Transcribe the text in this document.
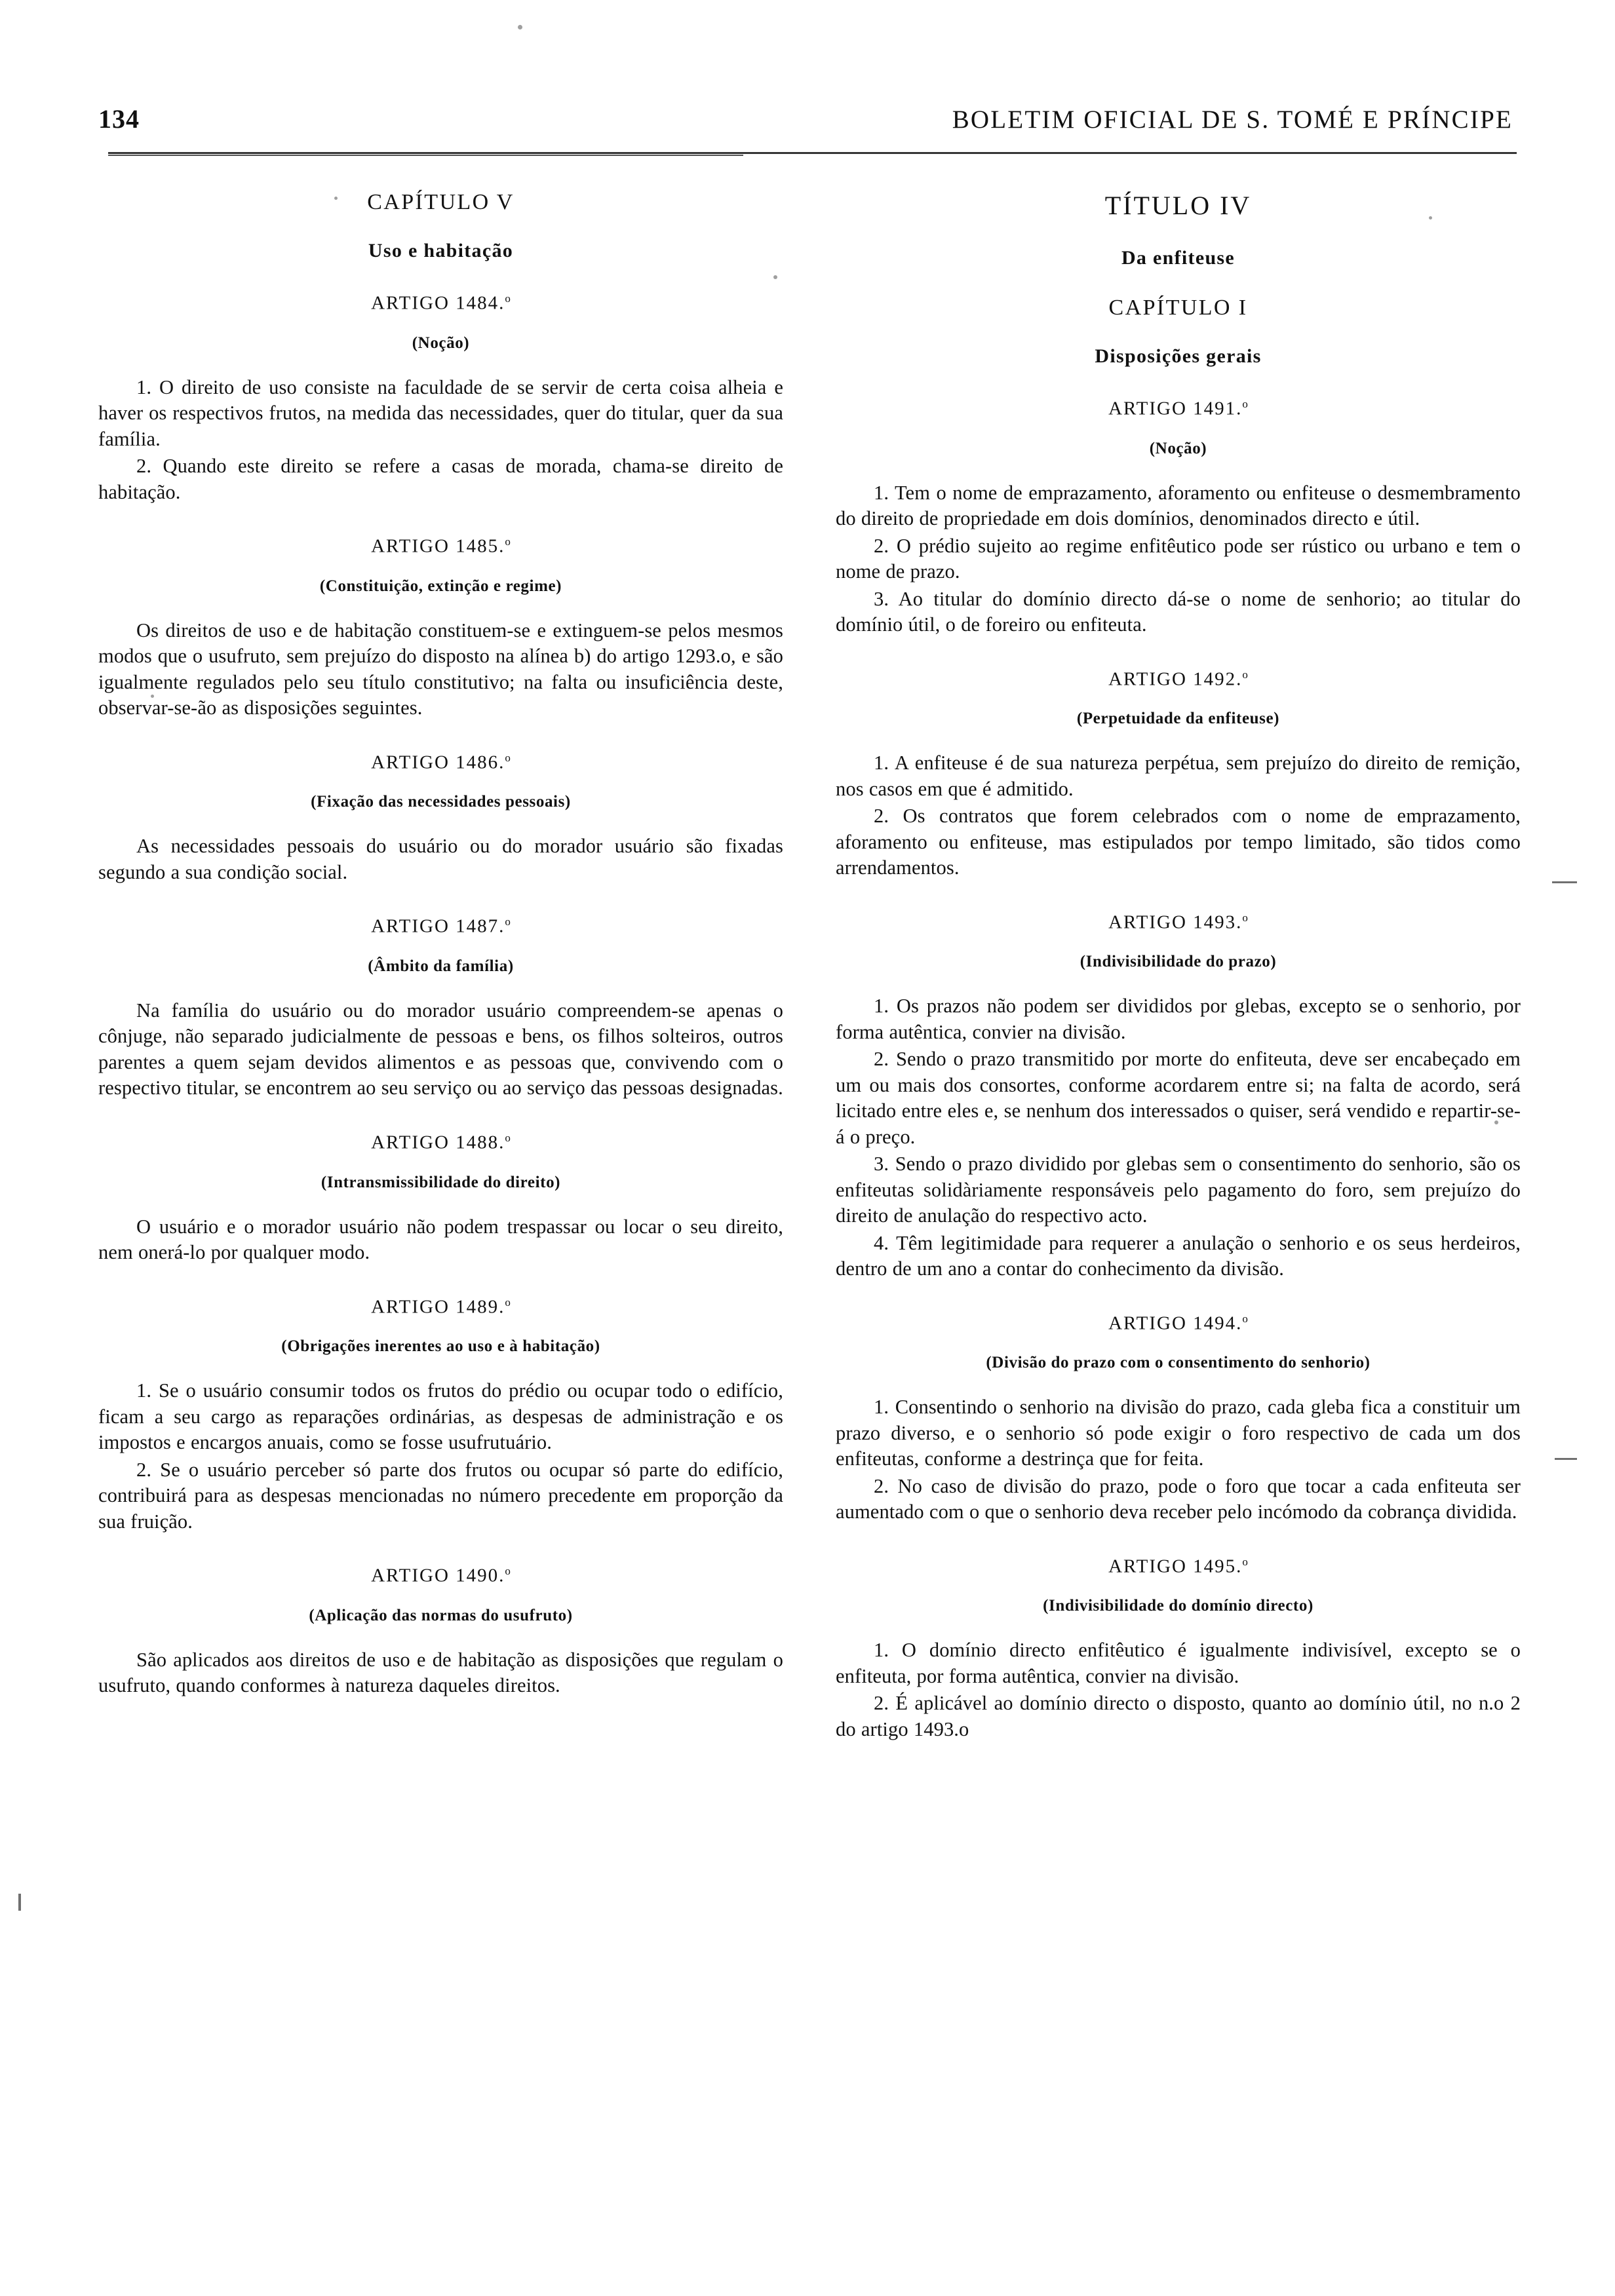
134	BOLETIM OFICIAL DE S. TOMÉ E PRÍNCIPE
CAPÍTULO V
Uso e habitação
ARTIGO 1484.$^o$
(Noção)

1. O direito de uso consiste na faculdade de se servir de certa coisa alheia e haver os respectivos frutos, na medida das necessidades, quer do titular, quer da sua família.

2. Quando este direito se refere a casas de morada, chama-se direito de habitação.

ARTIGO 1485.$^o$
(Constituição, extinção e regime)

Os direitos de uso e de habitação constituem-se e extinguem-se pelos mesmos modos que o usufruto, sem prejuízo do disposto na alínea b) do artigo 1293.o, e são igualmente regulados pelo seu título constitutivo; na falta ou insuficiência deste, observar-se-ão as disposições seguintes.

ARTIGO 1486.$^o$
(Fixação das necessidades pessoais)

As necessidades pessoais do usuário ou do morador usuário são fixadas segundo a sua condição social.

ARTIGO 1487.$^o$
(Âmbito da família)

Na família do usuário ou do morador usuário compreendem-se apenas o cônjuge, não separado judicialmente de pessoas e bens, os filhos solteiros, outros parentes a quem sejam devidos alimentos e as pessoas que, convivendo com o respectivo titular, se encontrem ao seu serviço ou ao serviço das pessoas designadas.

ARTIGO 1488.$^o$
(Intransmissibilidade do direito)

O usuário e o morador usuário não podem trespassar ou locar o seu direito, nem onerá-lo por qualquer modo.

ARTIGO 1489.$^o$
(Obrigações inerentes ao uso e à habitação)

1. Se o usuário consumir todos os frutos do prédio ou ocupar todo o edifício, ficam a seu cargo as reparações ordinárias, as despesas de administração e os impostos e encargos anuais, como se fosse usufrutuário.

2. Se o usuário perceber só parte dos frutos ou ocupar só parte do edifício, contribuirá para as despesas mencionadas no número precedente em proporção da sua fruição.

ARTIGO 1490.$^o$
(Aplicação das normas do usufruto)

São aplicados aos direitos de uso e de habitação as disposições que regulam o usufruto, quando conformes à natureza daqueles direitos.

TÍTULO IV
Da enfiteuse
CAPÍTULO I
Disposições gerais
ARTIGO 1491.$^o$
(Noção)

1. Tem o nome de emprazamento, aforamento ou enfiteuse o desmembramento do direito de propriedade em dois domínios, denominados directo e útil.

2. O prédio sujeito ao regime enfitêutico pode ser rústico ou urbano e tem o nome de prazo.

3. Ao titular do domínio directo dá-se o nome de senhorio; ao titular do domínio útil, o de foreiro ou enfiteuta.

ARTIGO 1492.$^o$
(Perpetuidade da enfiteuse)

1. A enfiteuse é de sua natureza perpétua, sem prejuízo do direito de remição, nos casos em que é admitido.

2. Os contratos que forem celebrados com o nome de emprazamento, aforamento ou enfiteuse, mas estipulados por tempo limitado, são tidos como arrendamentos.

ARTIGO 1493.$^o$
(Indivisibilidade do prazo)

1. Os prazos não podem ser divididos por glebas, excepto se o senhorio, por forma autêntica, convier na divisão.

2. Sendo o prazo transmitido por morte do enfiteuta, deve ser encabeçado em um ou mais dos consortes, conforme acordarem entre si; na falta de acordo, será licitado entre eles e, se nenhum dos interessados o quiser, será vendido e repartir-se-á o preço.

3. Sendo o prazo dividido por glebas sem o consentimento do senhorio, são os enfiteutas solidàriamente responsáveis pelo pagamento do foro, sem prejuízo do direito de anulação do respectivo acto.

4. Têm legitimidade para requerer a anulação o senhorio e os seus herdeiros, dentro de um ano a contar do conhecimento da divisão.

ARTIGO 1494.$^o$
(Divisão do prazo com o consentimento do senhorio)

1. Consentindo o senhorio na divisão do prazo, cada gleba fica a constituir um prazo diverso, e o senhorio só pode exigir o foro respectivo de cada um dos enfiteutas, conforme a destrinça que for feita.

2. No caso de divisão do prazo, pode o foro que tocar a cada enfiteuta ser aumentado com o que o senhorio deva receber pelo incómodo da cobrança dividida.

ARTIGO 1495.$^o$
(Indivisibilidade do domínio directo)

1. O domínio directo enfitêutico é igualmente indivisível, excepto se o enfiteuta, por forma autêntica, convier na divisão.

2. É aplicável ao domínio directo o disposto, quanto ao domínio útil, no n.o 2 do artigo 1493.o
